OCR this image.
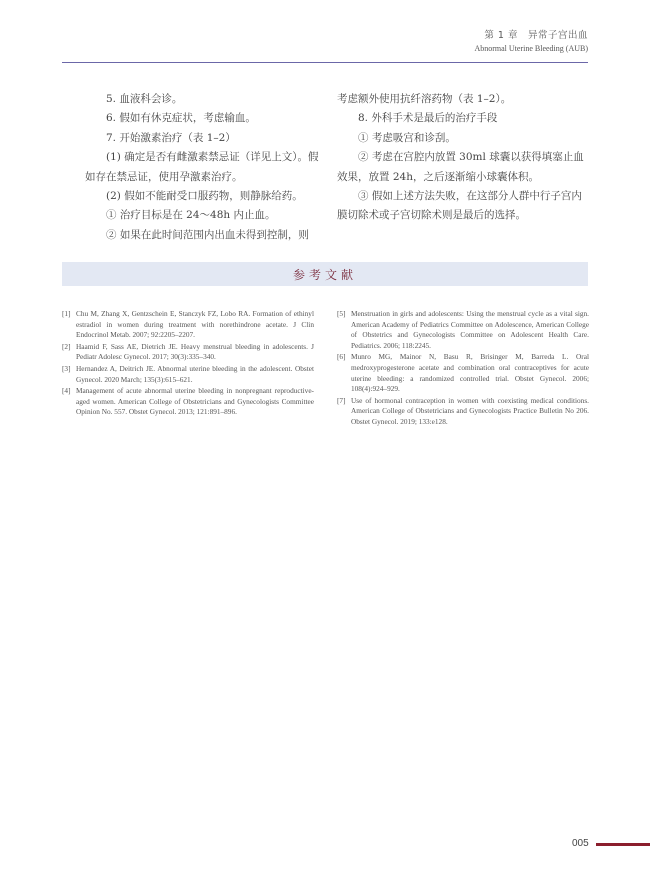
第 1 章　异常子宫出血
Abnormal Uterine Bleeding (AUB)

5. 血液科会诊。

6. 假如有休克症状，考虑输血。

7. 开始激素治疗（表 1–2）

(1) 确定是否有雌激素禁忌证（详见上文）。假如存在禁忌证，使用孕激素治疗。

(2) 假如不能耐受口服药物，则静脉给药。

① 治疗目标是在 24～48h 内止血。

② 如果在此时间范围内出血未得到控制，则

考虑额外使用抗纤溶药物（表 1–2）。

8. 外科手术是最后的治疗手段

① 考虑吸宫和诊刮。

② 考虑在宫腔内放置 30ml 球囊以获得填塞止血效果，放置 24h，之后逐渐缩小球囊体积。

③ 假如上述方法失败，在这部分人群中行子宫内膜切除术或子宫切除术则是最后的选择。

参考文献
[1] Chu M, Zhang X, Gentzschein E, Stanczyk FZ, Lobo RA. Formation of ethinyl estradiol in women during treatment with norethindrone acetate. J Clin Endocrinol Metab. 2007; 92:2205–2207.
[2] Haamid F, Sass AE, Dietrich JE. Heavy menstrual bleeding in adolescents. J Pediatr Adolesc Gynecol. 2017; 30(3):335–340.
[3] Hernandez A, Deitrich JE. Abnormal uterine bleeding in the adolescent. Obstet Gynecol. 2020 March; 135(3):615–621.
[4] Management of acute abnormal uterine bleeding in nonpregnant reproductive-aged women. American College of Obstetricians and Gynecologists Committee Opinion No. 557. Obstet Gynecol. 2013; 121:891–896.
[5] Menstruation in girls and adolescents: Using the menstrual cycle as a vital sign. American Academy of Pediatrics Committee on Adolescence, American College of Obstetrics and Gynecologists Committee on Adolescent Health Care. Pediatrics. 2006; 118:2245.
[6] Munro MG, Mainor N, Basu R, Brisinger M, Barreda L. Oral medroxyprogesterone acetate and combination oral contraceptives for acute uterine bleeding: a randomized controlled trial. Obstet Gynecol. 2006; 108(4):924–929.
[7] Use of hormonal contraception in women with coexisting medical conditions. American College of Obstetricians and Gynecologists Practice Bulletin No 206. Obstet Gynecol. 2019; 133:e128.
005
